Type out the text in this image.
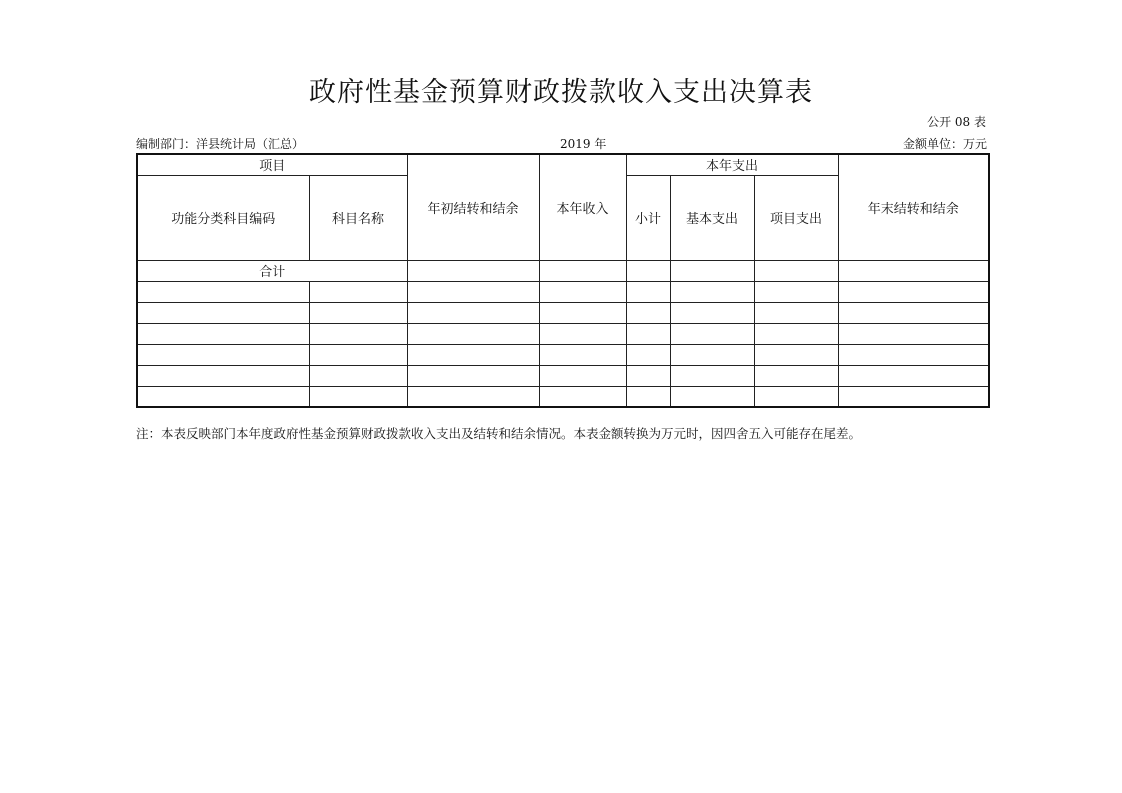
政府性基金预算财政拨款收入支出决算表
公开 08 表
编制部门：洋县统计局（汇总）	2019 年	金额单位：万元
项目		年初结转和结余	本年收入	本年支出			年末结转和结余
功能分类科目编码	科目名称			小计	基本支出	项目支出	
合计							

注：本表反映部门本年度政府性基金预算财政拨款收入支出及结转和结余情况。本表金额转换为万元时，因四舍五入可能存在尾差。
